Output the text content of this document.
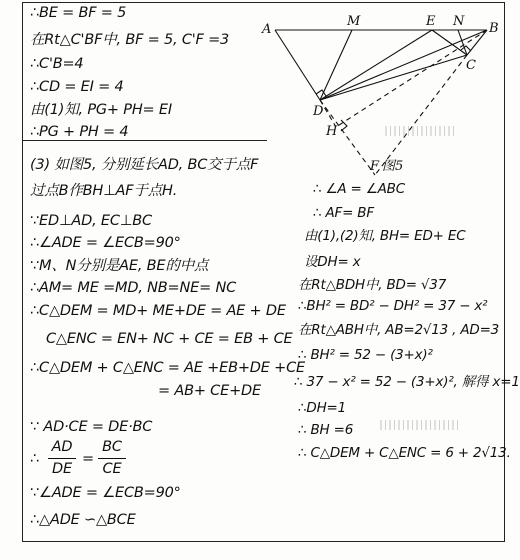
∴BE = BF = 5
在Rt△C'BF中, BF = 5, C'F =3
∴C'B=4
∴CD = EI = 4
由(1)知, PG+ PH= EI
∴PG + PH = 4
(3) 如图5, 分别延长AD, BC交于点F
过点B作BH⊥AF于点H.
∵ED⊥AD, EC⊥BC
∴∠ADE = ∠ECB=90°
∵M、N分别是AE, BE的中点
∴AM= ME =MD, NB=NE= NC
∴C△DEM = MD+ ME+DE = AE + DE
C△ENC = EN+ NC + CE = EB + CE
∴C△DEM + C△ENC = AE +EB+DE +CE
= AB+ CE+DE
∵ AD·CE = DE·BC
∴
AD
DE
=
BC
CE
∵∠ADE = ∠ECB=90°
∴△ADE ∽△BCE
A
M	E N B
C
D
H
F 图5
∴ ∠A = ∠ABC
∴ AF= BF
由(1),(2)知, BH= ED+ EC
设DH= x
在Rt△BDH中, BD= √37
∴BH² = BD² − DH² = 37 − x²
在Rt△ABH中, AB=2√13 , AD=3
∴ BH² = 52 − (3+x)²
∴ 37 − x² = 52 − (3+x)², 解得 x=1
∴DH=1
∴ BH =6
∴ C△DEM + C△ENC = 6 + 2√13.
